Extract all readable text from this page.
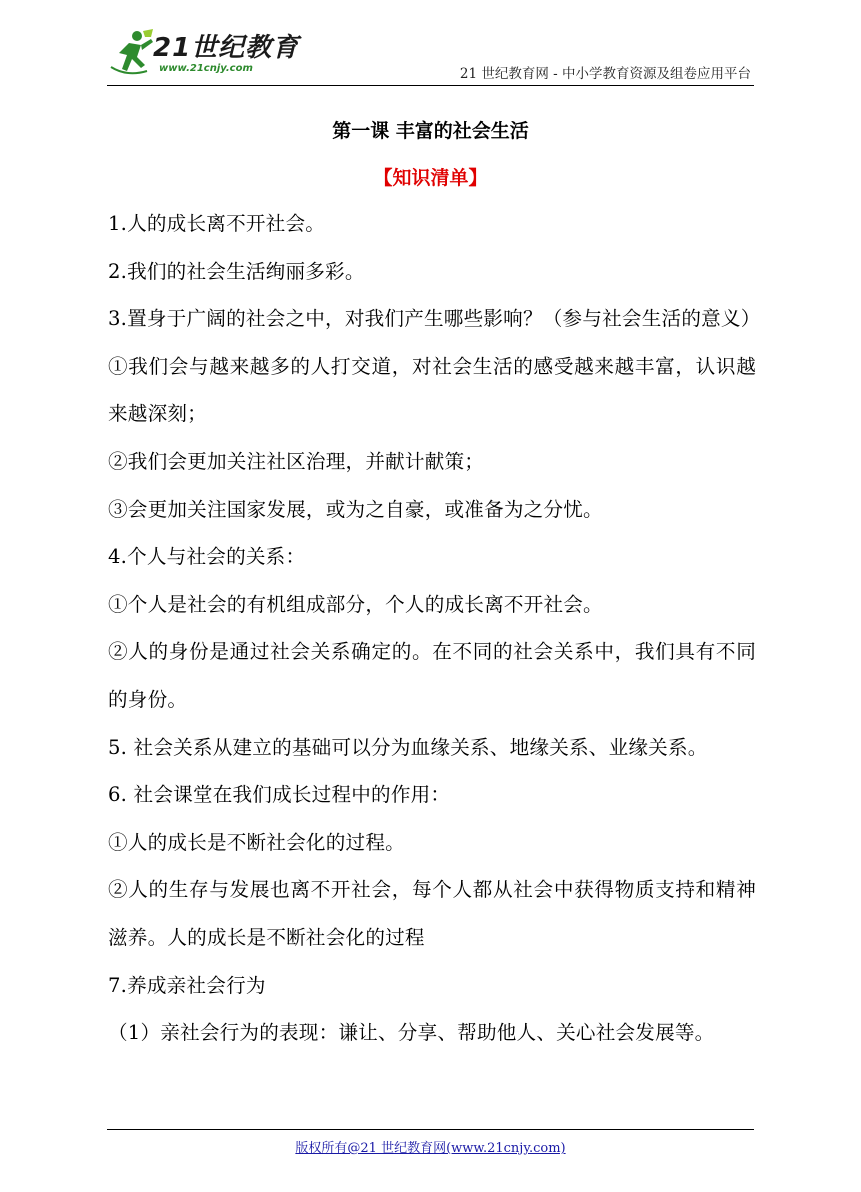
21世纪教育
www.21cnjy.com	21 世纪教育网 - 中小学教育资源及组卷应用平台
第一课 丰富的社会生活
【知识清单】

1.人的成长离不开社会。

2.我们的社会生活绚丽多彩。

3.置身于广阔的社会之中，对我们产生哪些影响？（参与社会生活的意义）

①我们会与越来越多的人打交道，对社会生活的感受越来越丰富，认识越来越深刻；

②我们会更加关注社区治理，并献计献策；

③会更加关注国家发展，或为之自豪，或准备为之分忧。

4.个人与社会的关系：

①个人是社会的有机组成部分，个人的成长离不开社会。

②人的身份是通过社会关系确定的。在不同的社会关系中，我们具有不同的身份。

5. 社会关系从建立的基础可以分为血缘关系、地缘关系、业缘关系。

6. 社会课堂在我们成长过程中的作用：

①人的成长是不断社会化的过程。

②人的生存与发展也离不开社会，每个人都从社会中获得物质支持和精神滋养。人的成长是不断社会化的过程

7.养成亲社会行为

（1）亲社会行为的表现：谦让、分享、帮助他人、关心社会发展等。

版权所有@21 世纪教育网(www.21cnjy.com)
